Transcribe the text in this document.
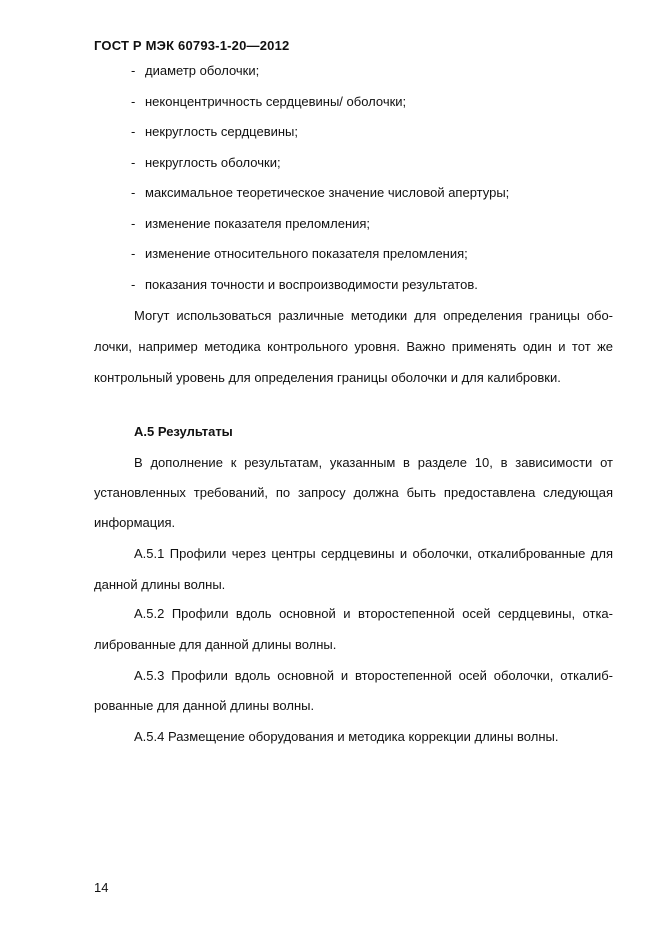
ГОСТ Р МЭК 60793-1-20—2012
- диаметр оболочки;
- неконцентричность сердцевины/ оболочки;
- некруглость сердцевины;
- некруглость оболочки;
- максимальное теоретическое значение числовой апертуры;
- изменение показателя преломления;
- изменение относительного показателя преломления;
- показания точности и воспроизводимости результатов.
Могут использоваться различные методики для определения границы обо-
лочки, например методика контрольного уровня. Важно применять один и тот же
контрольный уровень для определения границы оболочки и для калибровки.
А.5 Результаты
В дополнение к результатам, указанным в разделе 10, в зависимости от
установленных требований, по запросу должна быть предоставлена следующая
информация.
А.5.1 Профили через центры сердцевины и оболочки, откалиброванные для
данной длины волны.
А.5.2 Профили вдоль основной и второстепенной осей сердцевины, отка-
либрованные для данной длины волны.
А.5.3 Профили вдоль основной и второстепенной осей оболочки, откалиб-
рованные для данной длины волны.
А.5.4 Размещение оборудования и методика коррекции длины волны.
14
